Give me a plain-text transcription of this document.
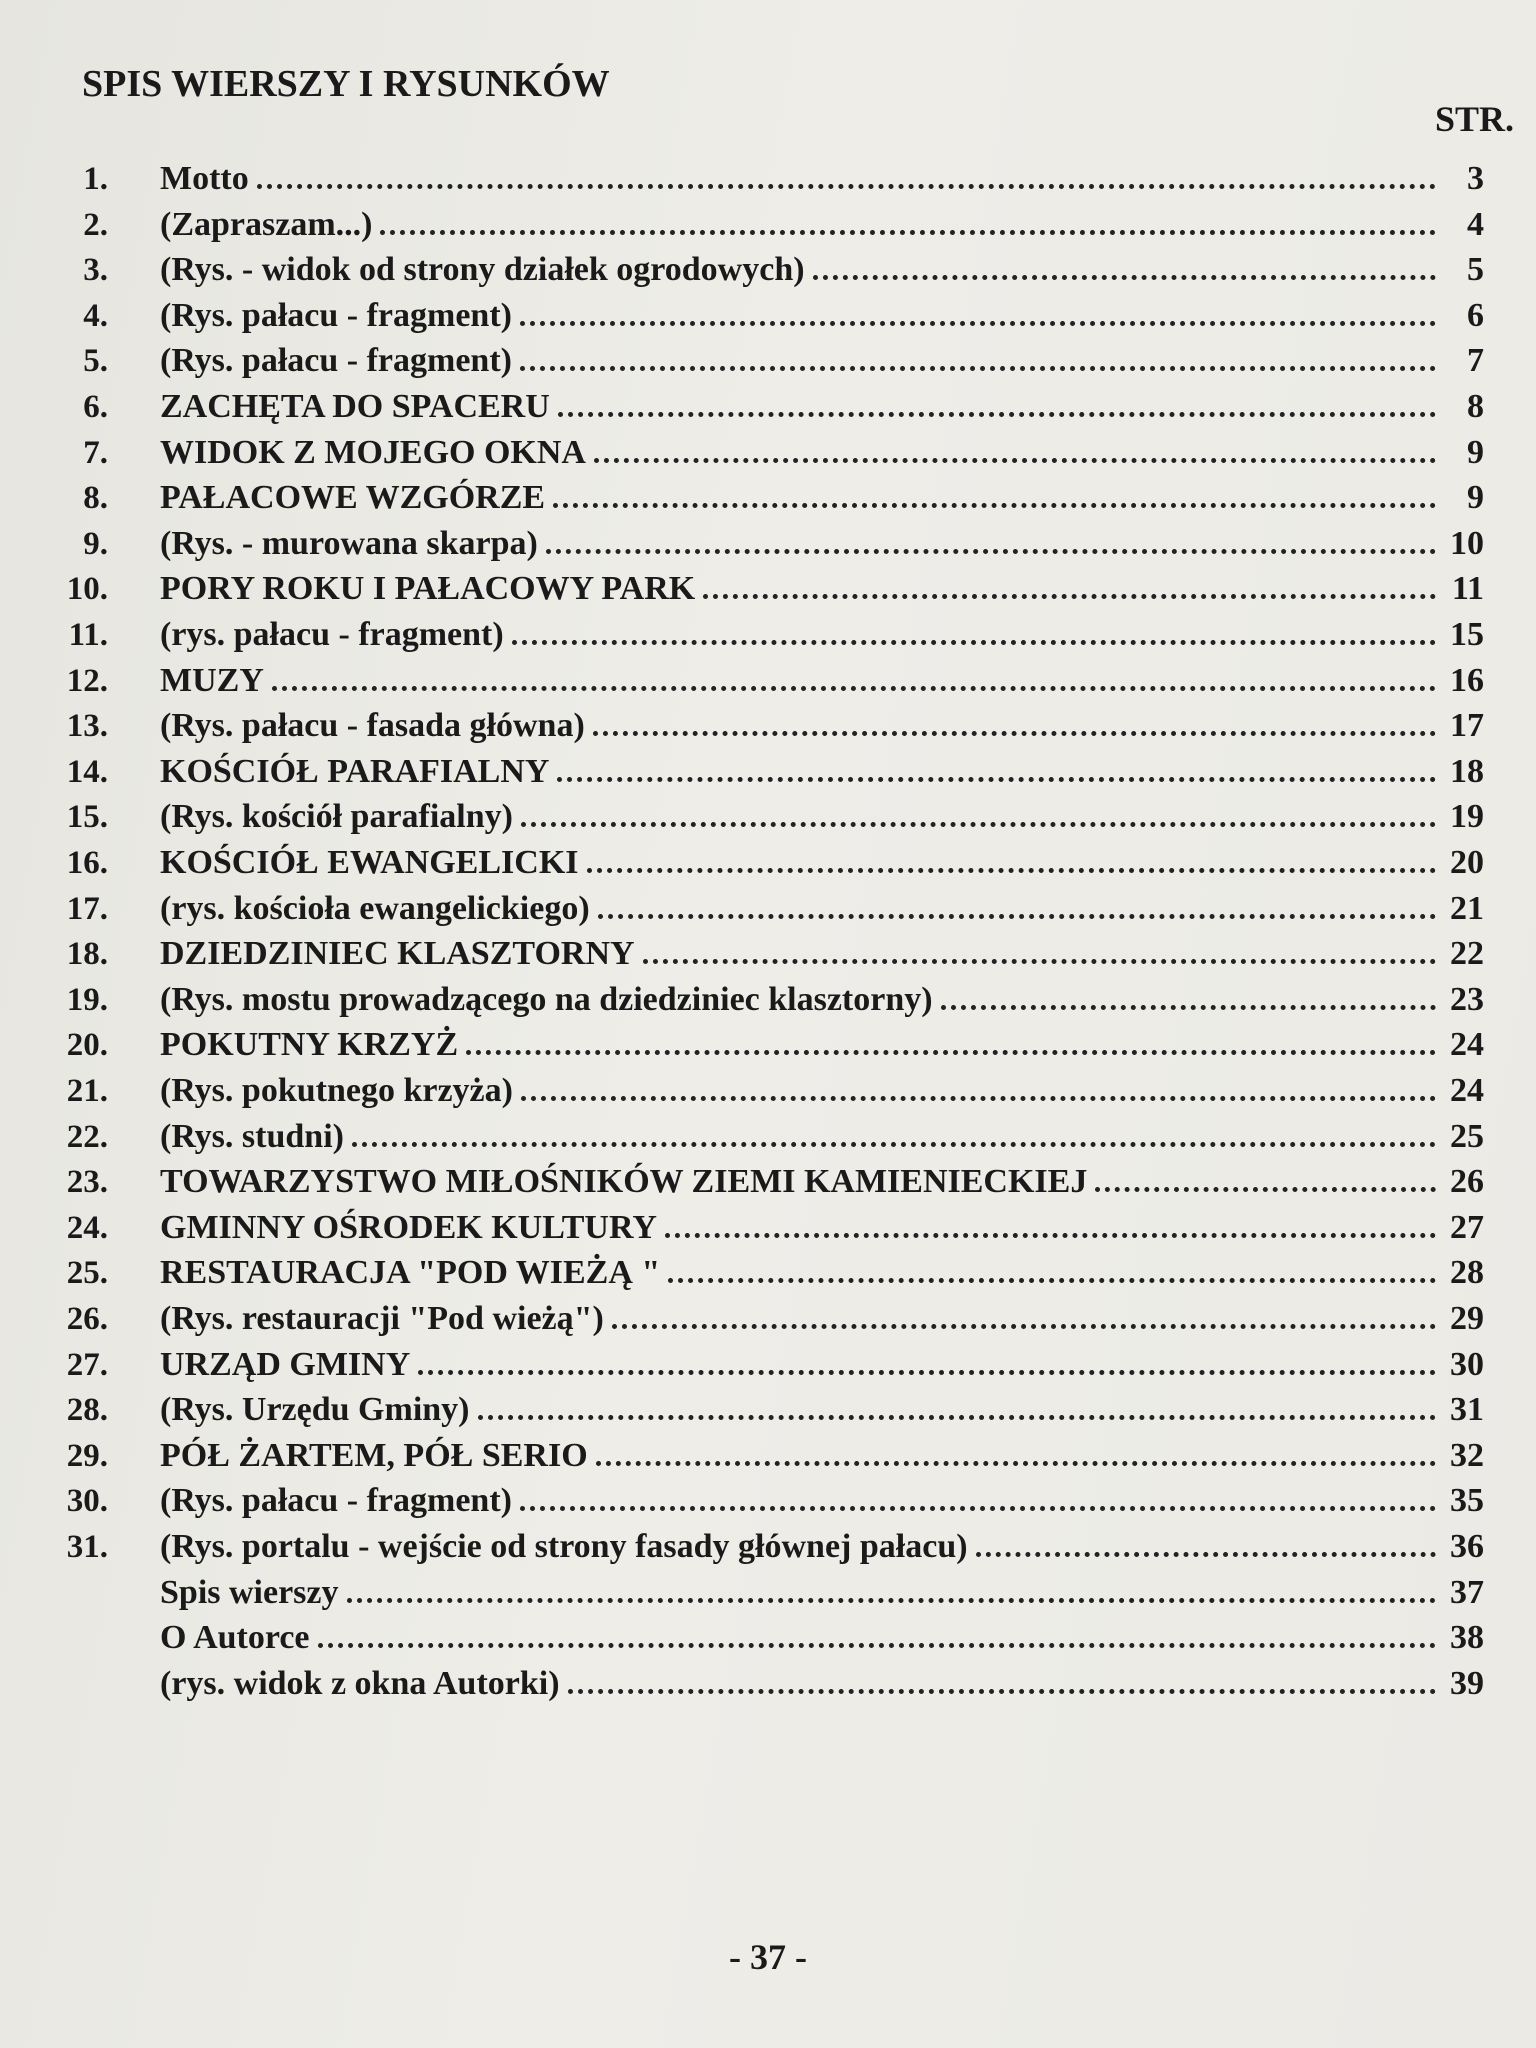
SPIS WIERSZY I RYSUNKÓW
STR.
1. Motto	3
2. (Zapraszam...)	4
3. (Rys. - widok od strony działek ogrodowych)	5
4. (Rys. pałacu - fragment)	6
5. (Rys. pałacu - fragment)	7
6. ZACHĘTA DO SPACERU	8
7. WIDOK Z MOJEGO OKNA	9
8. PAŁACOWE WZGÓRZE	9
9. (Rys. - murowana skarpa)	10
10. PORY ROKU I PAŁACOWY PARK	11
11. (rys. pałacu - fragment)	15
12. MUZY	16
13. (Rys. pałacu - fasada główna)	17
14. KOŚCIÓŁ PARAFIALNY	18
15. (Rys. kościół parafialny)	19
16. KOŚCIÓŁ EWANGELICKI	20
17. (rys. kościoła ewangelickiego)	21
18. DZIEDZINIEC KLASZTORNY	22
19. (Rys. mostu prowadzącego na dziedziniec klasztorny)	23
20. POKUTNY KRZYŻ	24
21. (Rys. pokutnego krzyża)	24
22. (Rys. studni)	25
23. TOWARZYSTWO MIŁOŚNIKÓW ZIEMI KAMIENIECKIEJ	26
24. GMINNY OŚRODEK KULTURY	27
25. RESTAURACJA "POD WIEŻĄ "	28
26. (Rys. restauracji "Pod wieżą")	29
27. URZĄD GMINY	30
28. (Rys. Urzędu Gminy)	31
29. PÓŁ ŻARTEM, PÓŁ SERIO	32
30. (Rys. pałacu - fragment)	35
31. (Rys. portalu - wejście od strony fasady głównej pałacu)	36
Spis wierszy	37
O Autorce	38
(rys. widok z okna Autorki)	39
- 37 -
